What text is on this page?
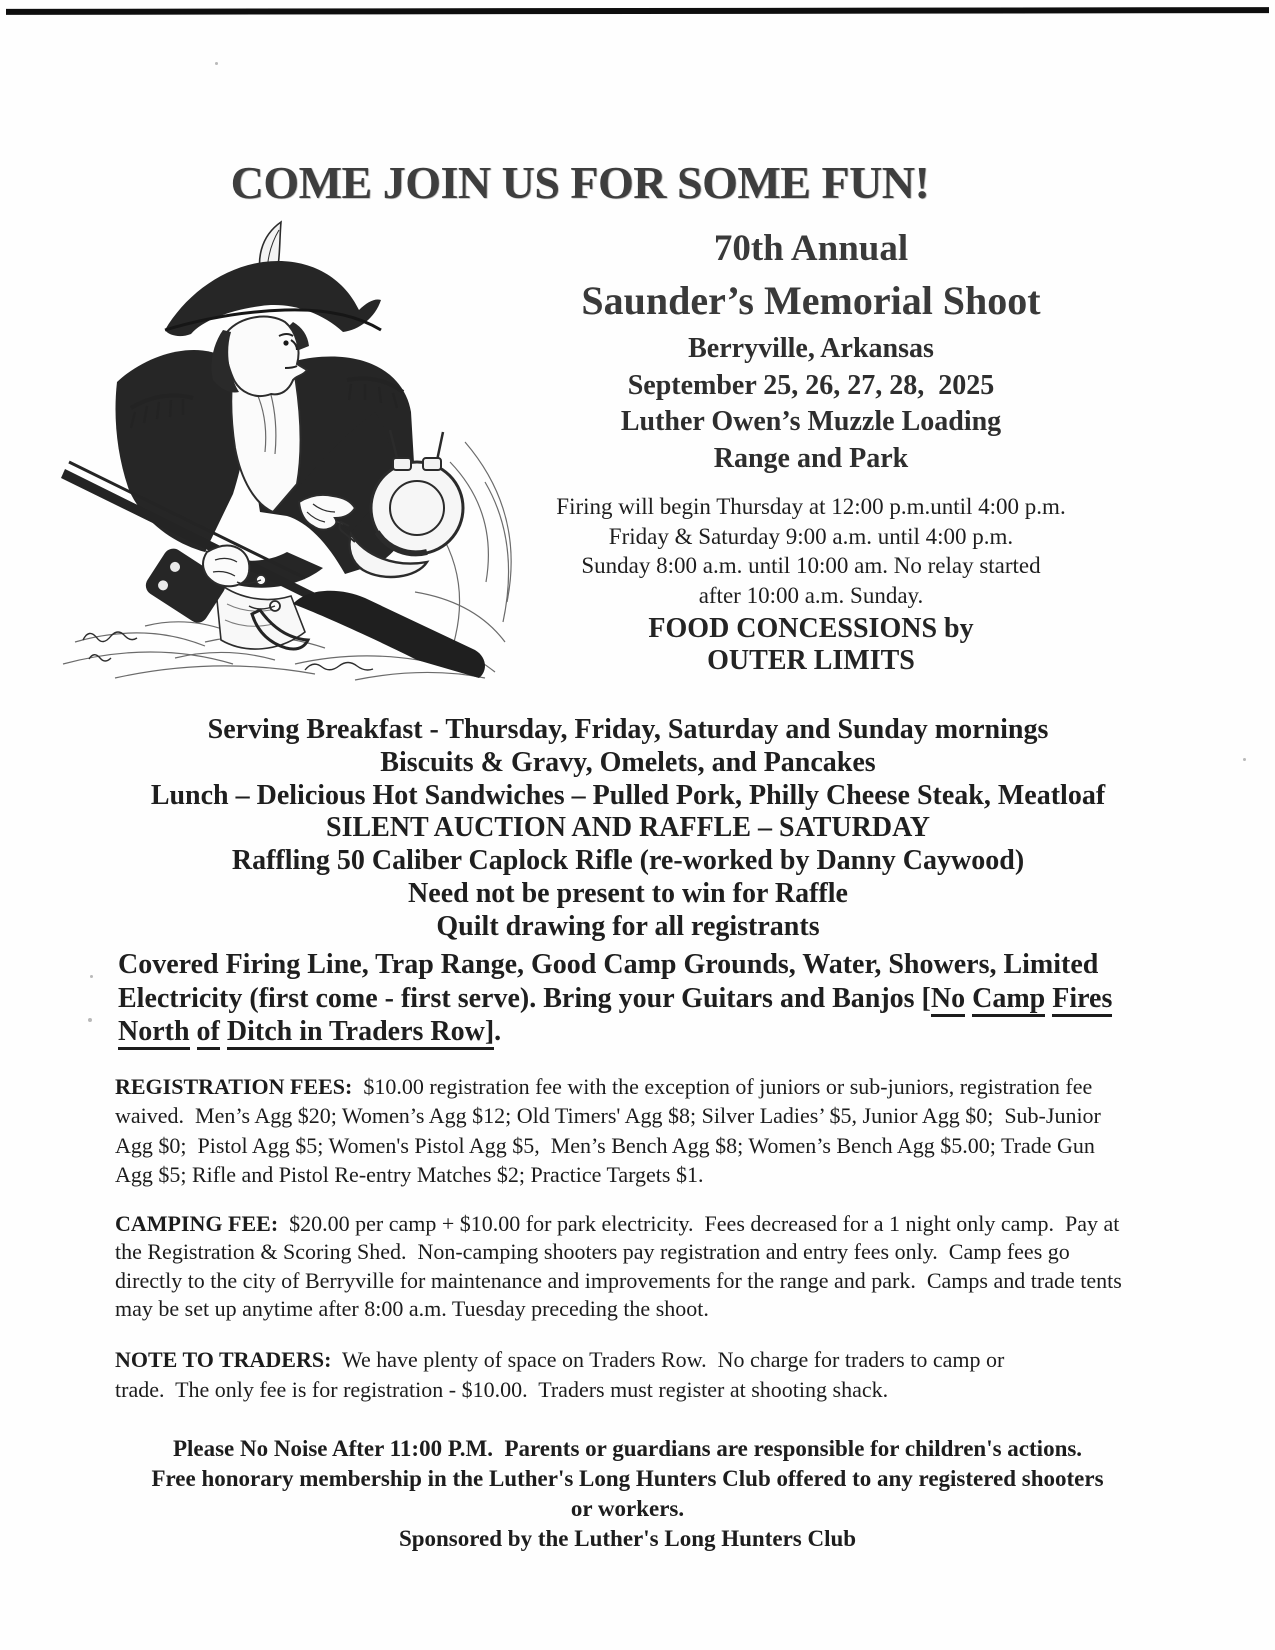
COME JOIN US FOR SOME FUN!
70th Annual
Saunder’s Memorial Shoot
Berryville, Arkansas
September 25, 26, 27, 28,  2025
Luther Owen’s Muzzle Loading
Range and Park
Firing will begin Thursday at 12:00 p.m.until 4:00 p.m.
Friday & Saturday 9:00 a.m. until 4:00 p.m.
Sunday 8:00 a.m. until 10:00 am. No relay started
after 10:00 a.m. Sunday.
FOOD CONCESSIONS by
OUTER LIMITS
Serving Breakfast - Thursday, Friday, Saturday and Sunday mornings
Biscuits & Gravy, Omelets, and Pancakes
Lunch – Delicious Hot Sandwiches – Pulled Pork, Philly Cheese Steak, Meatloaf
SILENT AUCTION AND RAFFLE – SATURDAY
Raffling 50 Caliber Caplock Rifle (re-worked by Danny Caywood)
Need not be present to win for Raffle
Quilt drawing for all registrants
Covered Firing Line, Trap Range, Good Camp Grounds, Water, Showers, Limited
Electricity (first come - first serve). Bring your Guitars and Banjos [No Camp Fires
North of Ditch in Traders Row].
REGISTRATION FEES:  $10.00 registration fee with the exception of juniors or sub-juniors, registration fee
waived.  Men’s Agg $20; Women’s Agg $12; Old Timers' Agg $8; Silver Ladies’ $5, Junior Agg $0;  Sub-Junior
Agg $0;  Pistol Agg $5; Women's Pistol Agg $5,  Men’s Bench Agg $8; Women’s Bench Agg $5.00; Trade Gun
Agg $5; Rifle and Pistol Re-entry Matches $2; Practice Targets $1.
CAMPING FEE:  $20.00 per camp + $10.00 for park electricity.  Fees decreased for a 1 night only camp.  Pay at
the Registration & Scoring Shed.  Non-camping shooters pay registration and entry fees only.  Camp fees go
directly to the city of Berryville for maintenance and improvements for the range and park.  Camps and trade tents
may be set up anytime after 8:00 a.m. Tuesday preceding the shoot.
NOTE TO TRADERS:  We have plenty of space on Traders Row.  No charge for traders to camp or
trade.  The only fee is for registration - $10.00.  Traders must register at shooting shack.
Please No Noise After 11:00 P.M.  Parents or guardians are responsible for children's actions.
Free honorary membership in the Luther's Long Hunters Club offered to any registered shooters
or workers.
Sponsored by the Luther's Long Hunters Club
